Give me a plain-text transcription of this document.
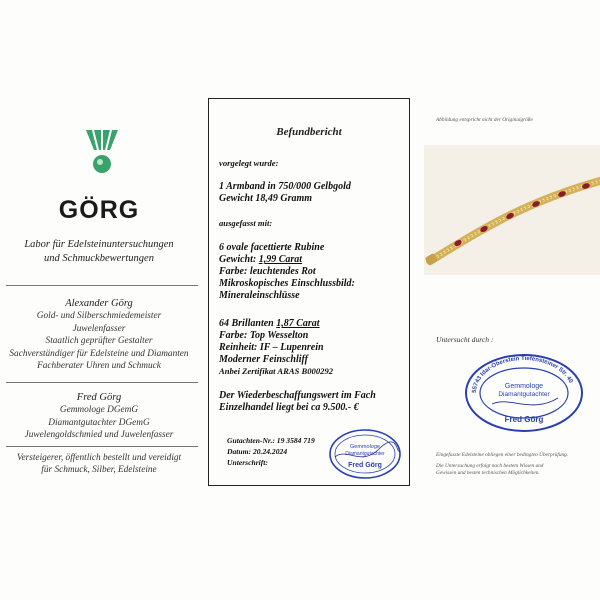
GÖRG
Labor für Edelsteinuntersuchungen
und Schmuckbewertungen
Alexander Görg
Gold- und Silberschmiedemeister
Juwelenfasser
Staatlich geprüfter Gestalter
Sachverständiger für Edelsteine und Diamanten
Fachberater Uhren und Schmuck
Fred Görg
Gemmologe DGemG
Diamantgutachter DGemG
Juwelengoldschmied und Juwelenfasser
Versteigerer, öffentlich bestellt und vereidigt
für Schmuck, Silber, Edelsteine
Befundbericht
vorgelegt wurde:
1 Armband in 750/000 Gelbgold
Gewicht 18,49 Gramm
ausgefasst mit:
6 ovale facettierte Rubine
Gewicht: 1,99 Carat
Farbe: leuchtendes Rot
Mikroskopisches Einschlussbild:
Mineraleinschlüsse
64 Brillanten 1,87 Carat
Farbe: Top Wesselton
Reinheit: IF – Lupenrein
Moderner Feinschliff
Anbei Zertifikat ARAS B000292
Der Wiederbeschaffungswert im Fach
Einzelhandel liegt bei ca 9.500.- €
Gutachten-Nr.: 19 3584 719
Datum: 20.24.2024
Unterschrift:
Gemmologe
Diamantgutachter
Fred Görg
Abbildung entspricht nicht der Originalgröße
Untersucht durch :
55743 Idar-Oberstein Tiefensteiner Str. 40
Gemmologe
Diamantgutachter
Fred Görg
Eingefasste Edelsteine obliegen einer bedingten Überprüfung.
Die Untersuchung erfolgt nach bestem Wissen und
Gewissen und besten technischen Möglichkeiten.
